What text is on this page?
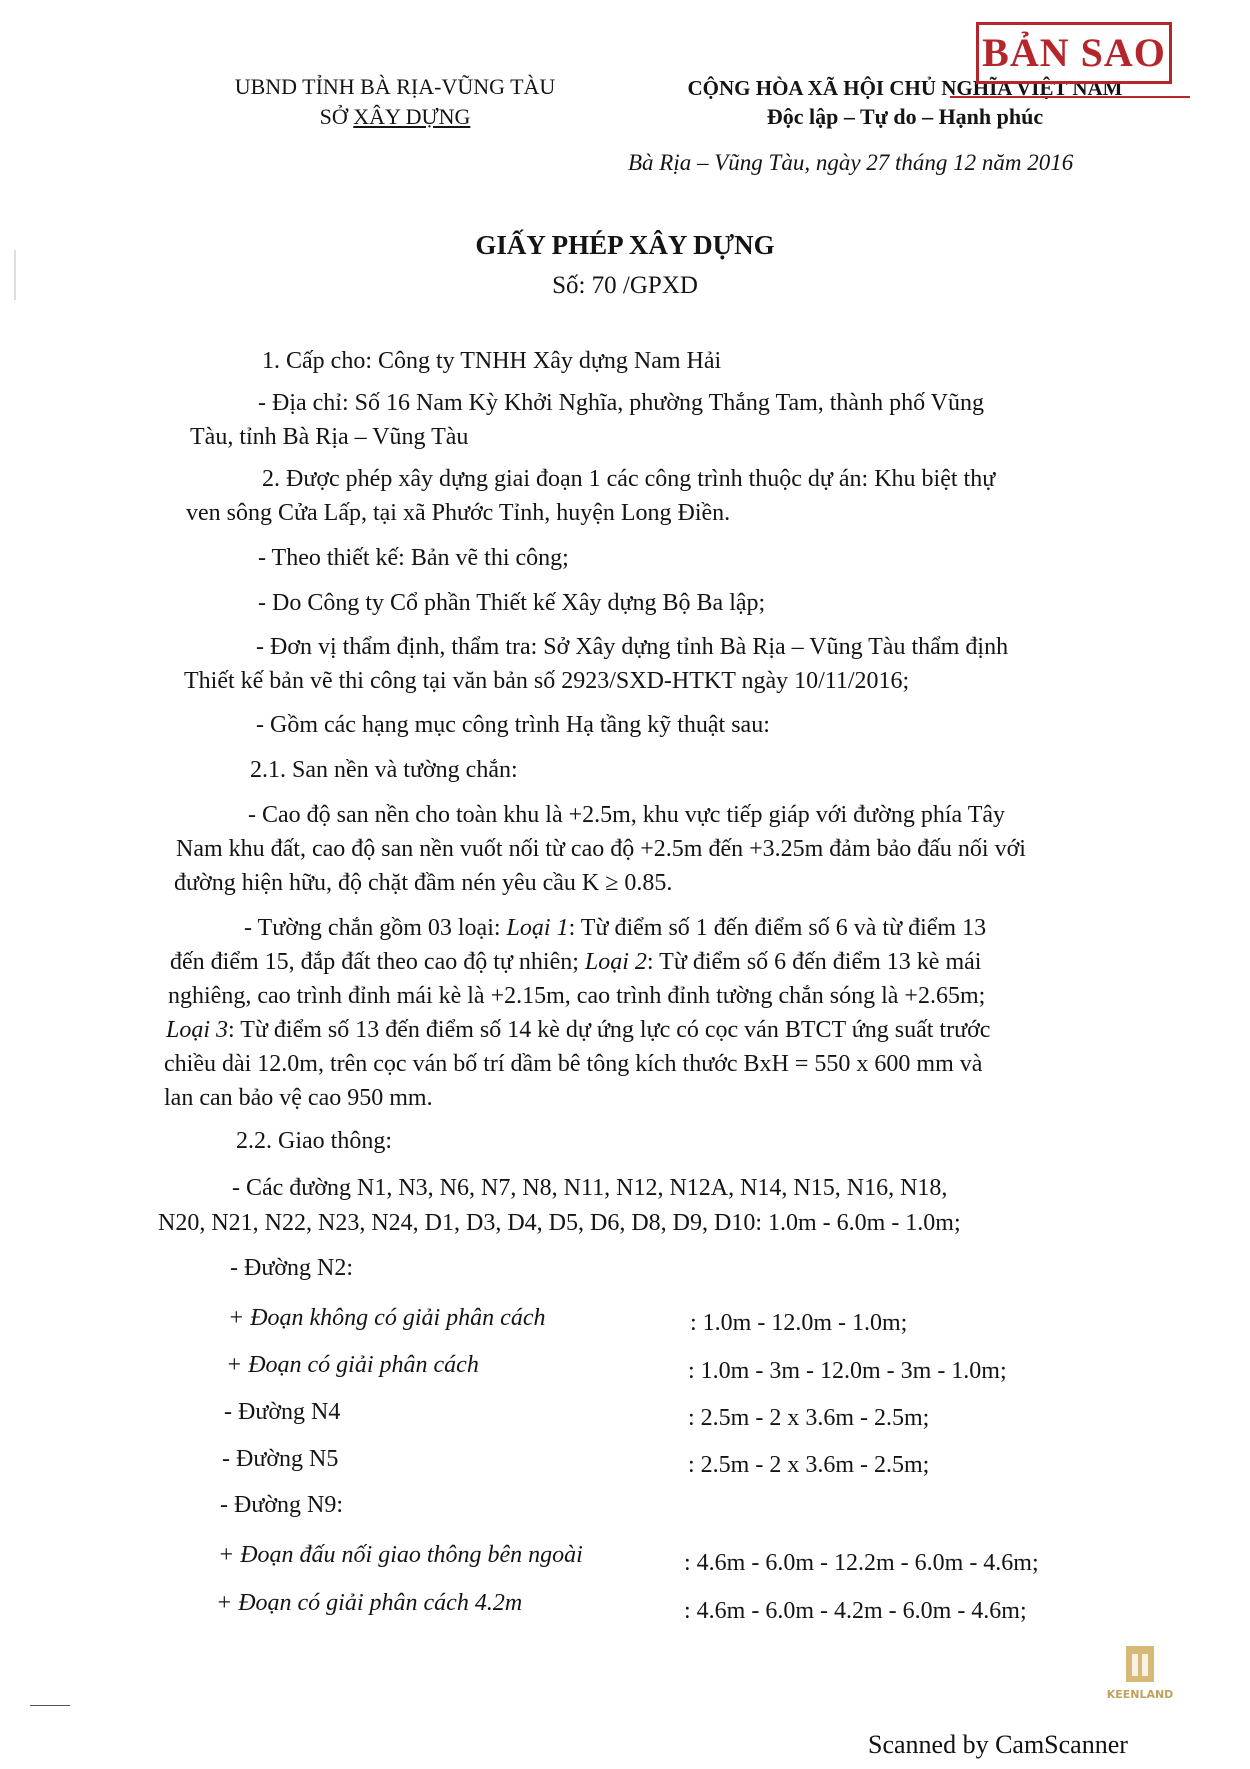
UBND TỈNH BÀ RỊA-VŨNG TÀU
SỞ XÂY DỰNG
CỘNG HÒA XÃ HỘI CHỦ NGHĨA VIỆT NAM
Độc lập – Tự do – Hạnh phúc
Bà Rịa – Vũng Tàu, ngày 27 tháng 12 năm 2016
BẢN SAO
GIẤY PHÉP XÂY DỰNG
Số: 70 /GPXD
1. Cấp cho: Công ty TNHH Xây dựng Nam Hải
- Địa chỉ: Số 16 Nam Kỳ Khởi Nghĩa, phường Thắng Tam, thành phố Vũng
Tàu, tỉnh Bà Rịa – Vũng Tàu
2. Được phép xây dựng giai đoạn 1 các công trình thuộc dự án: Khu biệt thự
ven sông Cửa Lấp, tại xã Phước Tỉnh, huyện Long Điền.
- Theo thiết kế: Bản vẽ thi công;
- Do Công ty Cổ phần Thiết kế Xây dựng Bộ Ba lập;
- Đơn vị thẩm định, thẩm tra: Sở Xây dựng tỉnh Bà Rịa – Vũng Tàu thẩm định
Thiết kế bản vẽ thi công tại văn bản số 2923/SXD-HTKT ngày 10/11/2016;
- Gồm các hạng mục công trình Hạ tầng kỹ thuật sau:
2.1. San nền và tường chắn:
- Cao độ san nền cho toàn khu là +2.5m, khu vực tiếp giáp với đường phía Tây
Nam khu đất, cao độ san nền vuốt nối từ cao độ +2.5m đến +3.25m đảm bảo đấu nối với
đường hiện hữu, độ chặt đầm nén yêu cầu K ≥ 0.85.
- Tường chắn gồm 03 loại: Loại 1: Từ điểm số 1 đến điểm số 6 và từ điểm 13
đến điểm 15, đắp đất theo cao độ tự nhiên; Loại 2: Từ điểm số 6 đến điểm 13 kè mái
nghiêng, cao trình đỉnh mái kè là +2.15m, cao trình đỉnh tường chắn sóng là +2.65m;
Loại 3: Từ điểm số 13 đến điểm số 14 kè dự ứng lực có cọc ván BTCT ứng suất trước
chiều dài 12.0m, trên cọc ván bố trí dầm bê tông kích thước BxH = 550 x 600 mm và
lan can bảo vệ cao 950 mm.
2.2. Giao thông:
- Các đường N1, N3, N6, N7, N8, N11, N12, N12A, N14, N15, N16, N18,
N20, N21, N22, N23, N24, D1, D3, D4, D5, D6, D8, D9, D10: 1.0m - 6.0m - 1.0m;
- Đường N2:
+ Đoạn không có giải phân cách	: 1.0m - 12.0m - 1.0m;
+ Đoạn có giải phân cách	: 1.0m - 3m - 12.0m - 3m - 1.0m;
- Đường N4	: 2.5m - 2 x 3.6m - 2.5m;
- Đường N5	: 2.5m - 2 x 3.6m - 2.5m;
- Đường N9:
+ Đoạn đấu nối giao thông bên ngoài	: 4.6m - 6.0m - 12.2m - 6.0m - 4.6m;
+ Đoạn có giải phân cách 4.2m	: 4.6m - 6.0m - 4.2m - 6.0m - 4.6m;
KEENLAND
Scanned by CamScanner
